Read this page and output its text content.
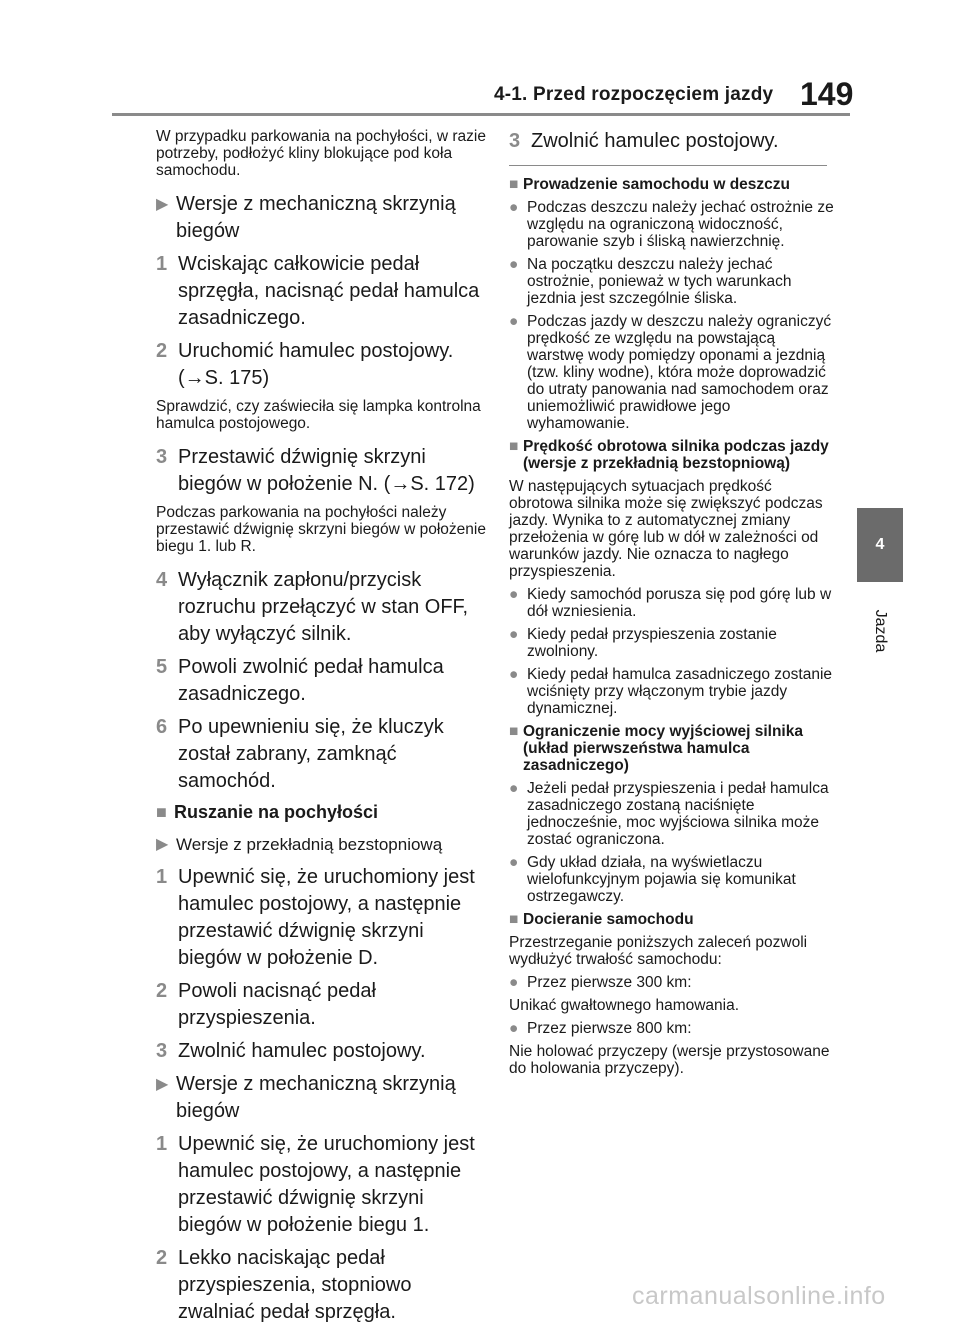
4-1. Przed rozpoczęciem jazdy 149
4
Jazda

W przypadku parkowania na pochyłości, w razie potrzeby, podłożyć kliny blokujące pod koła samochodu.

▶ Wersje z mechaniczną skrzynią biegów
1 Wciskając całkowicie pedał sprzęgła, nacisnąć pedał hamulca zasadniczego.
2 Uruchomić hamulec postojowy. (→S. 175)

Sprawdzić, czy zaświeciła się lampka kontrolna hamulca postojowego.

3 Przestawić dźwignię skrzyni biegów w położenie N. (→S. 172)

Podczas parkowania na pochyłości należy przestawić dźwignię skrzyni biegów w położenie biegu 1. lub R.

4 Wyłącznik zapłonu/przycisk rozruchu przełączyć w stan OFF, aby wyłączyć silnik.
5 Powoli zwolnić pedał hamulca zasadniczego.
6 Po upewnieniu się, że kluczyk został zabrany, zamknąć samochód.
■ Ruszanie na pochyłości
▶ Wersje z przekładnią bezstopniową
1 Upewnić się, że uruchomiony jest hamulec postojowy, a następnie przestawić dźwignię skrzyni biegów w położenie D.
2 Powoli nacisnąć pedał przyspieszenia.
3 Zwolnić hamulec postojowy.
▶ Wersje z mechaniczną skrzynią biegów
1 Upewnić się, że uruchomiony jest hamulec postojowy, a następnie przestawić dźwignię skrzyni biegów w położenie biegu 1.
2 Lekko naciskając pedał przyspieszenia, stopniowo zwalniać pedał sprzęgła.
3 Zwolnić hamulec postojowy.
■ Prowadzenie samochodu w deszczu
● Podczas deszczu należy jechać ostrożnie ze względu na ograniczoną widoczność, parowanie szyb i śliską nawierzchnię.
● Na początku deszczu należy jechać ostrożnie, ponieważ w tych warunkach jezdnia jest szczególnie śliska.
● Podczas jazdy w deszczu należy ograniczyć prędkość ze względu na powstającą warstwę wody pomiędzy oponami a jezdnią (tzw. kliny wodne), która może doprowadzić do utraty panowania nad samochodem oraz uniemożliwić prawidłowe jego wyhamowanie.
■ Prędkość obrotowa silnika podczas jazdy (wersje z przekładnią bezstopniową)

W następujących sytuacjach prędkość obrotowa silnika może się zwiększyć podczas jazdy. Wynika to z automatycznej zmiany przełożenia w górę lub w dół w zależności od warunków jazdy. Nie oznacza to nagłego przyspieszenia.

● Kiedy samochód porusza się pod górę lub w dół wzniesienia.
● Kiedy pedał przyspieszenia zostanie zwolniony.
● Kiedy pedał hamulca zasadniczego zostanie wciśnięty przy włączonym trybie jazdy dynamicznej.
■ Ograniczenie mocy wyjściowej silnika (układ pierwszeństwa hamulca zasadniczego)
● Jeżeli pedał przyspieszenia i pedał hamulca zasadniczego zostaną naciśnięte jednocześnie, moc wyjściowa silnika może zostać ograniczona.
● Gdy układ działa, na wyświetlaczu wielofunkcyjnym pojawia się komunikat ostrzegawczy.
■ Docieranie samochodu

Przestrzeganie poniższych zaleceń pozwoli wydłużyć trwałość samochodu:

● Przez pierwsze 300 km:

Unikać gwałtownego hamowania.

● Przez pierwsze 800 km:

Nie holować przyczepy (wersje przystosowane do holowania przyczepy).

carmanualsonline.info
